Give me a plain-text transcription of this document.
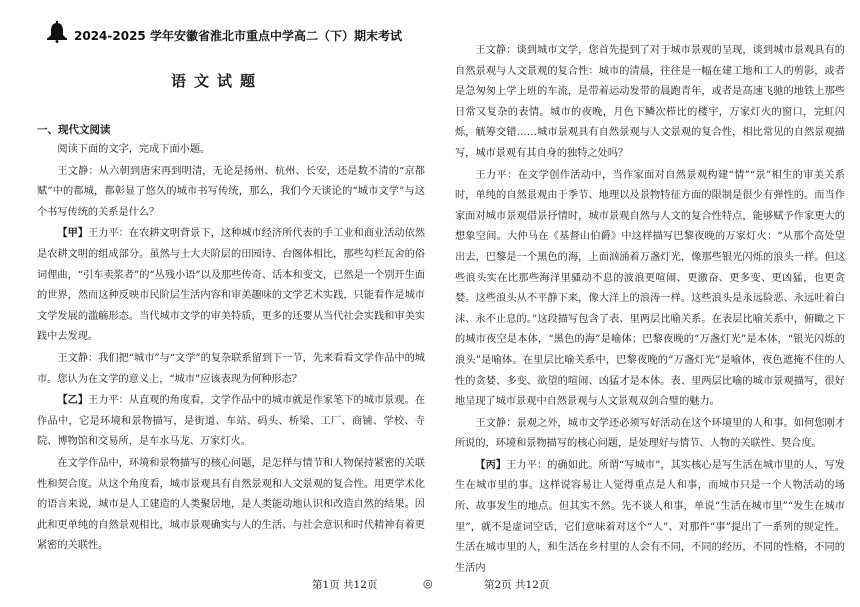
2024-2025 学年安徽省淮北市重点中学高二（下）期末考试
语文试题
一、现代文阅读

阅读下面的文字，完成下面小题。

王文静：从六朝到唐宋再到明清，无论是扬州、杭州、长安，还是数不清的“京都赋”中的都城，都彰显了悠久的城市书写传统，那么，我们今天谈论的“城市文学”与这个书写传统的关系是什么？

【甲】王力平：在农耕文明背景下，这种城市经济所代表的手工业和商业活动依然是农耕文明的组成部分。虽然与士大夫阶层的田园诗、台阁体相比，那些勾栏瓦舍的俗词俚曲，“引车卖浆者”的“丛残小语”以及那些传奇、话本和变文，已然是一个别开生面的世界，然而这种反映市民阶层生活内容和审美趣味的文学艺术实践，只能看作是城市文学发展的滥觞形态。当代城市文学的审美特质，更多的还要从当代社会实践和审美实践中去发现。

王文静：我们把“城市”与“文学”的复杂联系留到下一节，先来看看文学作品中的城市。您认为在文学的意义上，“城市”应该表现为何种形态？

【乙】王力平：从直观的角度看，文学作品中的城市就是作家笔下的城市景观。在作品中，它是环境和景物描写，是街道、车站、码头、桥梁、工厂、商铺、学校、寺院、博物馆和交易所，是车水马龙、万家灯火。

在文学作品中，环境和景物描写的核心问题，是怎样与情节和人物保持紧密的关联性和契合度。从这个角度看，城市景观具有自然景观和人文景观的复合性。用更学术化的语言来说，城市是人工建造的人类聚居地，是人类能动地认识和改造自然的结果。因此和更单纯的自然景观相比，城市景观确实与人的生活、与社会意识和时代精神有着更紧密的关联性。

王文静：谈到城市文学，您首先提到了对于城市景观的呈现，谈到城市景观具有的自然景观与人文景观的复合性：城市的清晨，往往是一幅在建工地和工人的剪影，或者是急匆匆上学上班的车流，是带着运动发带的晨跑青年，或者是高速飞驰的地铁上那些日常又复杂的表情。城市的夜晚，月色下鳞次栉比的楼宇，万家灯火的窗口，完虹闪烁，觥筹交错……城市景观具有自然景观与人文景观的复合性，相比常见的自然景观描写，城市景观有其自身的独特之处吗？

王力平：在文学创作活动中，当作家面对自然景观构建“情”“景”相生的审美关系时，单纯的自然景观由于季节、地理以及景物特征方面的限制是很少有弹性的。而当作家面对城市景观借景抒情时，城市景观自然与人文的复合性特点，能够赋予作家更大的想象空间。大仲马在《基督山伯爵》中这样描写巴黎夜晚的万家灯火：“从那个高处望出去，巴黎是一个黑色的海，上面汹涌着万盏灯光，像那些银光闪烁的浪头一样。但这些浪头实在比那些海洋里骚动不息的波浪更喧闹、更激奋、更多变、更凶猛，也更贪婪。这些浪头从不平静下来，像大洋上的浪涛一样。这些浪头是永远险恶、永远吐着白沫、永不止息的。”这段描写包含了表、里两层比喻关系。在表层比喻关系中，俯瞰之下的城市夜空是本体，“黑色的海”是喻体；巴黎夜晚的“万盏灯光”是本体，“银光闪烁的浪头”是喻体。在里层比喻关系中，巴黎夜晚的“万盏灯光”是喻体，夜色遮掩不住的人性的贪婪、多变、欲望的喧闹、凶猛才是本体。表、里两层比喻的城市景观描写，很好地呈现了城市景观中自然景观与人文景观双剑合璧的魅力。

王文静：景观之外，城市文学还必须写好活动在这个环境里的人和事。如何您刚才所说的，环境和景物描写的核心问题，是处理好与情节、人物的关联性、契合度。

【丙】王力平：的确如此。所谓“写城市”，其实核心是写生活在城市里的人，写发生在城市里的事。这样说容易让人觉得重点是人和事，而城市只是一个人物活动的场所、故事发生的地点。但其实不然。先不谈人和事，单说“生活在城市里”“发生在城市里”，就不是虚词空话，它们意味着对这个“人”、对那件“事”提出了一系列的规定性。生活在城市里的人，和生活在乡村里的人会有不同，不同的经历，不同的性格，不同的生活内

第1页 共12页	◎	第2页 共12页
